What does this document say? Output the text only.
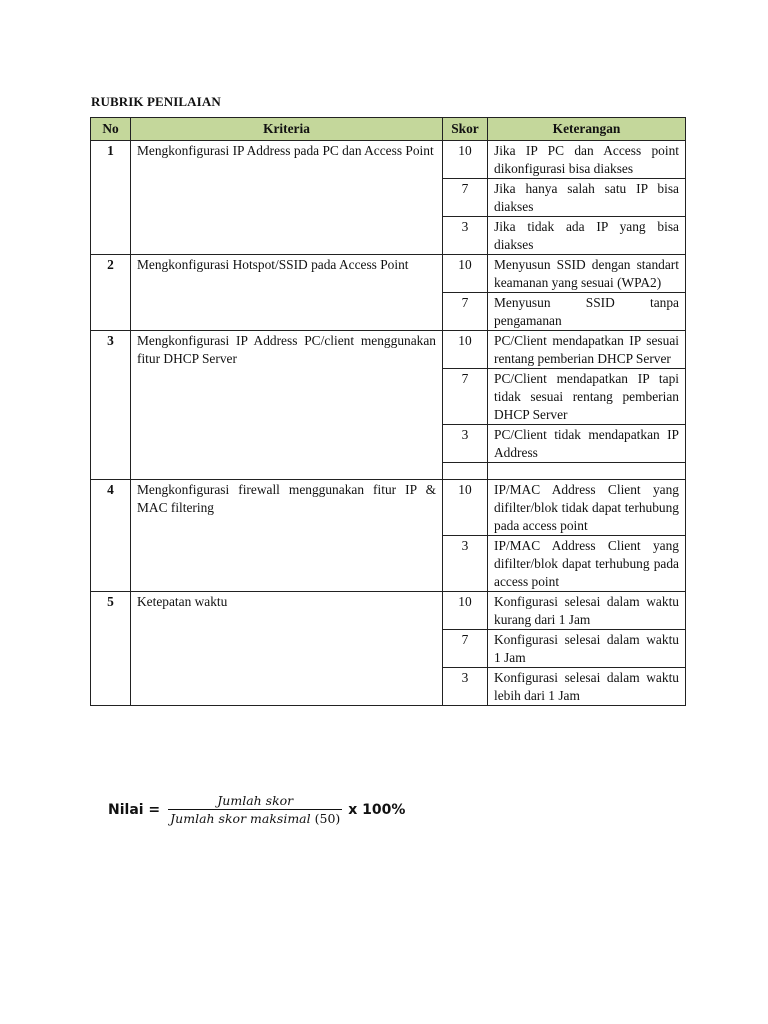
RUBRIK PENILAIAN
No	Kriteria	Skor	Keterangan
1	Mengkonfigurasi IP Address pada PC dan Access Point	10	Jika IP PC dan Access point dikonfigurasi bisa diakses
		7	Jika hanya salah satu IP bisa diakses
		3	Jika tidak ada IP yang bisa diakses
2	Mengkonfigurasi Hotspot/SSID pada Access Point	10	Menyusun SSID dengan standart keamanan yang sesuai (WPA2)
		7	Menyusun SSID tanpa pengamanan
3	Mengkonfigurasi IP Address PC/client menggunakan fitur DHCP Server	10	PC/Client mendapatkan IP sesuai rentang pemberian DHCP Server
		7	PC/Client mendapatkan IP tapi tidak sesuai rentang pemberian DHCP Server
		3	PC/Client tidak mendapatkan IP Address

4	Mengkonfigurasi firewall menggunakan fitur IP & MAC filtering	10	IP/MAC Address Client yang difilter/blok tidak dapat terhubung pada access point
		3	IP/MAC Address Client yang difilter/blok dapat terhubung pada access point
5	Ketepatan waktu	10	Konfigurasi selesai dalam waktu kurang dari 1 Jam
		7	Konfigurasi selesai dalam waktu 1 Jam
		3	Konfigurasi selesai dalam waktu lebih dari 1 Jam
Nilai = $\frac{\text{Jumlah skor}}{\text{Jumlah skor maksimal (50)}}$ x 100%
